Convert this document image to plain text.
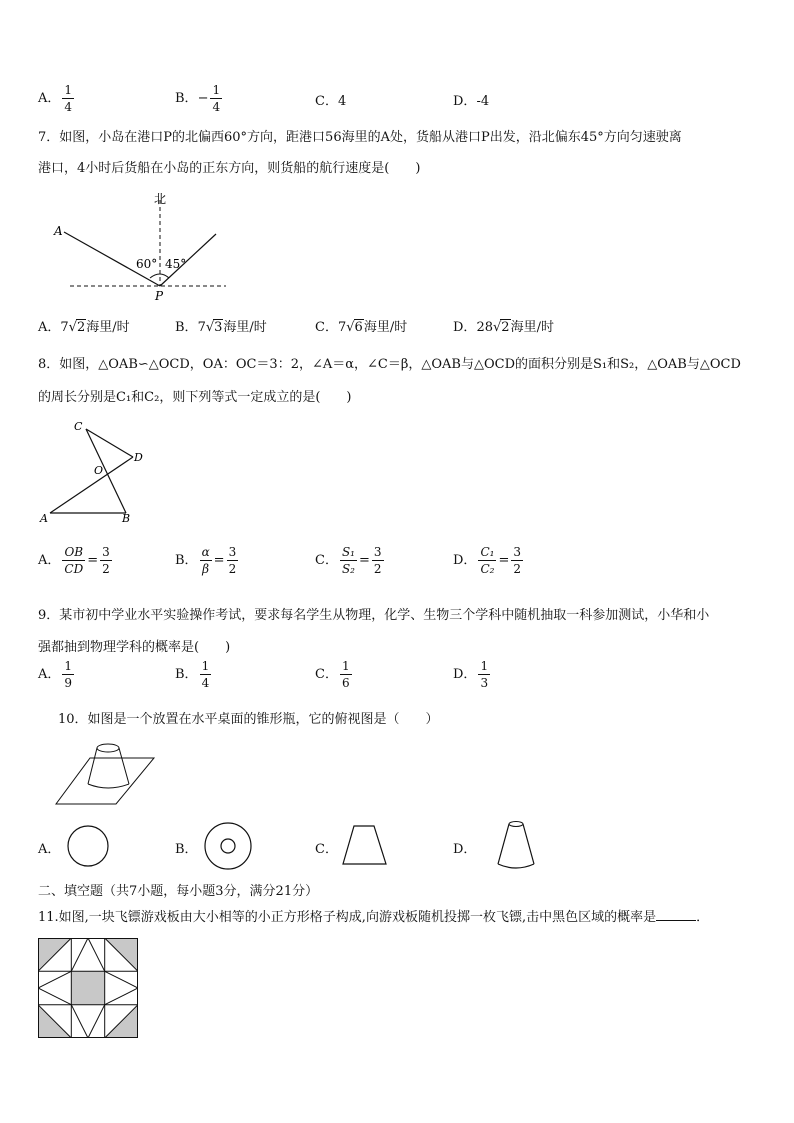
A． $\frac{1}{4}$	B．− $\frac{1}{4}$	C．4	D．-4
7．如图，小岛在港口P的北偏西60°方向，距港口56海里的A处，货船从港口P出发，沿北偏东45°方向匀速驶离
港口，4小时后货船在小岛的正东方向，则货船的航行速度是(　　)
北
A
P
60° 45°
A．7√2海里/时	B．7√3海里/时	C．7√6海里/时	D．28√2海里/时
8．如图，△OAB∽△OCD，OA：OC＝3：2，∠A＝α，∠C＝β，△OAB与△OCD的面积分别是S₁和S₂，△OAB与△OCD
的周长分别是C₁和C₂，则下列等式一定成立的是(　　)
C
D
O
A	B
A． $\frac{OB}{CD} = \frac{3}{2}$	B． $\frac{\alpha}{\beta} = \frac{3}{2}$	C． $\frac{\text{S₁}}{\text{S₂}} = \frac{3}{2}$	D． $\frac{\text{C₁}}{\text{C₂}} = \frac{3}{2}$
9．某市初中学业水平实验操作考试，要求每名学生从物理，化学、生物三个学科中随机抽取一科参加测试，小华和小
强都抽到物理学科的概率是(　　)
A． $\frac{1}{9}$	B． $\frac{1}{4}$	C． $\frac{1}{6}$	D． $\frac{1}{3}$
10．如图是一个放置在水平桌面的锥形瓶，它的俯视图是（　　）
A．	B．	C．	D．
二、填空题（共7小题，每小题3分，满分21分）
11.如图,一块飞镖游戏板由大小相等的小正方形格子构成,向游戏板随机投掷一枚飞镖,击中黑色区域的概率是	．
